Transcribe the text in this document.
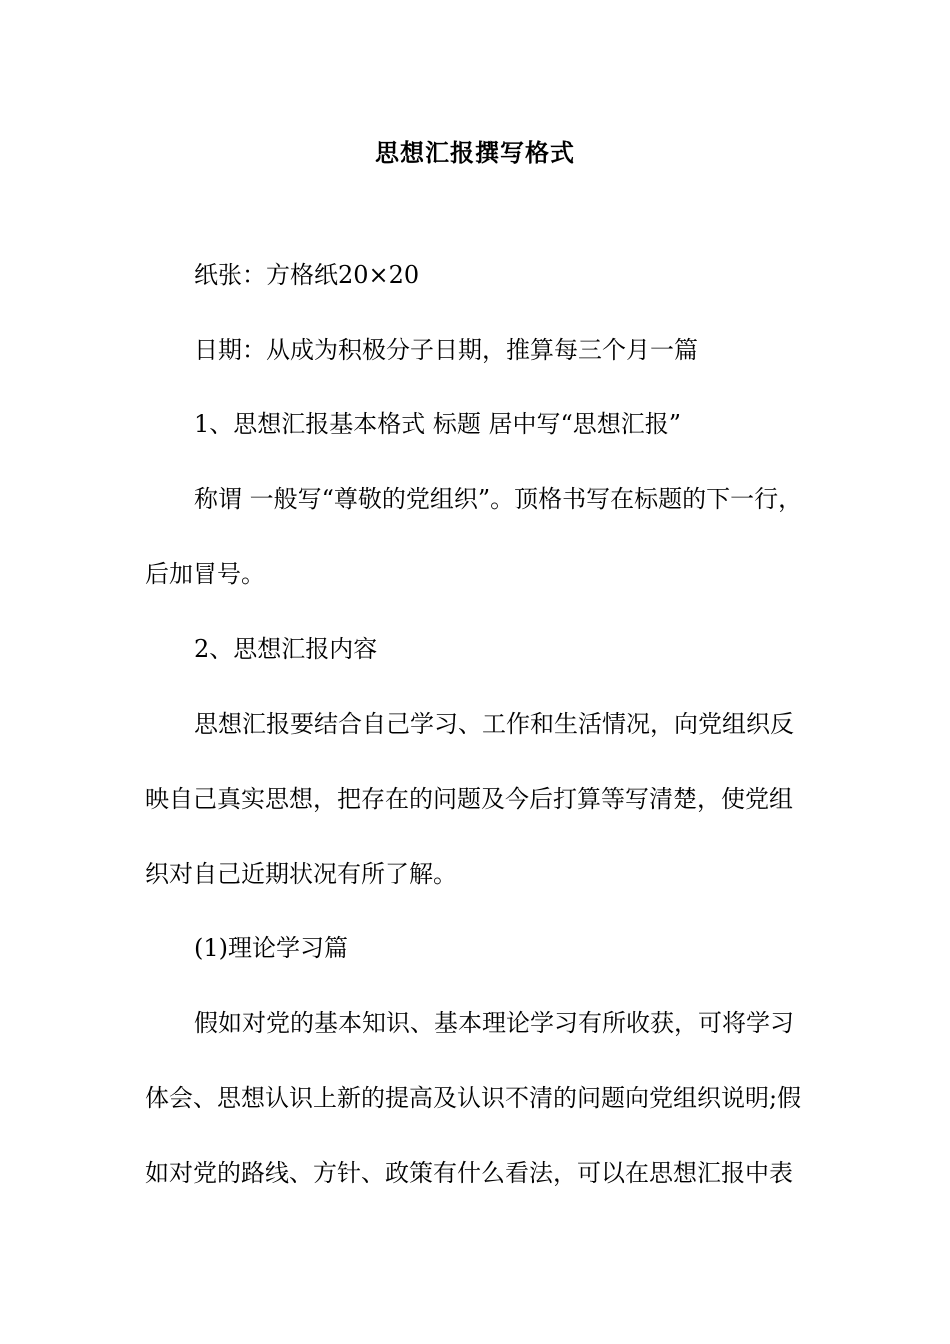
思想汇报撰写格式
纸张：方格纸20×20
日期：从成为积极分子日期，推算每三个月一篇
1、思想汇报基本格式 标题 居中写“思想汇报”
称谓 一般写“尊敬的党组织”。顶格书写在标题的下一行，
后加冒号。
2、思想汇报内容
思想汇报要结合自己学习、工作和生活情况，向党组织反
映自己真实思想，把存在的问题及今后打算等写清楚，使党组
织对自己近期状况有所了解。
(1)理论学习篇
假如对党的基本知识、基本理论学习有所收获，可将学习
体会、思想认识上新的提高及认识不清的问题向党组织说明;假
如对党的路线、方针、政策有什么看法，可以在思想汇报中表
